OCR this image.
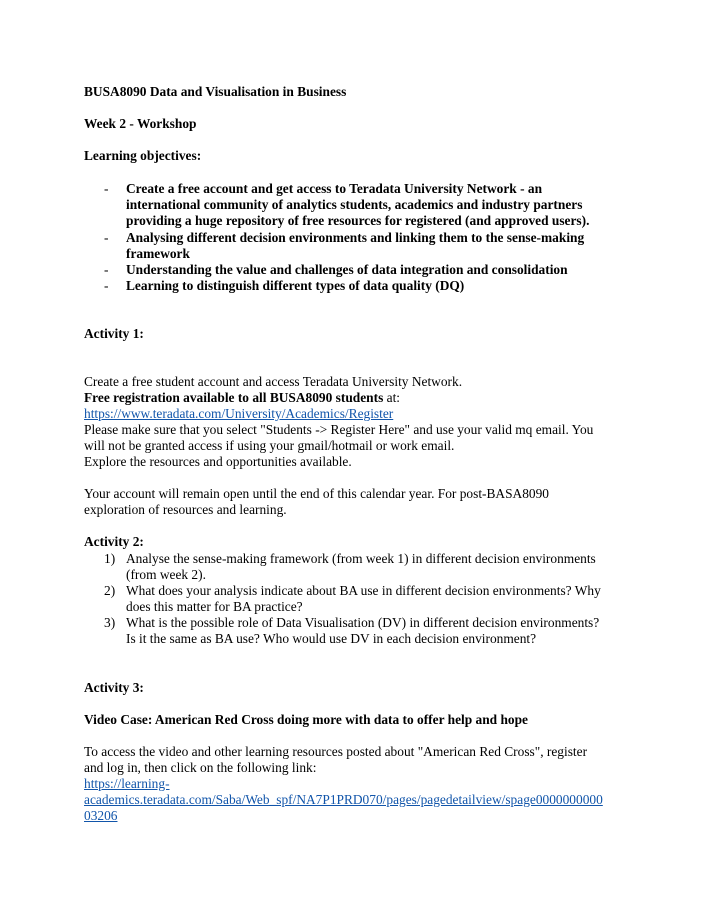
BUSA8090 Data and Visualisation in Business
Week 2 - Workshop
Learning objectives:
-	Create a free account and get access to Teradata University Network - an
international community of analytics students, academics and industry partners
providing a huge repository of free resources for registered (and approved users).
-	Analysing different decision environments and linking them to the sense-making
framework
-	Understanding the value and challenges of data integration and consolidation
-	Learning to distinguish different types of data quality (DQ)
Activity 1:
Create a free student account and access Teradata University Network.
Free registration available to all BUSA8090 students at:
https://www.teradata.com/University/Academics/Register
Please make sure that you select "Students -> Register Here" and use your valid mq email. You
will not be granted access if using your gmail/hotmail or work email.
Explore the resources and opportunities available.
Your account will remain open until the end of this calendar year. For post-BASA8090
exploration of resources and learning.
Activity 2:
1) Analyse the sense-making framework (from week 1) in different decision environments
(from week 2).
2) What does your analysis indicate about BA use in different decision environments? Why
does this matter for BA practice?
3) What is the possible role of Data Visualisation (DV) in different decision environments?
Is it the same as BA use? Who would use DV in each decision environment?
Activity 3:
Video Case: American Red Cross doing more with data to offer help and hope
To access the video and other learning resources posted about "American Red Cross", register
and log in, then click on the following link:
https://learning-
academics.teradata.com/Saba/Web_spf/NA7P1PRD070/pages/pagedetailview/spage0000000000
03206
